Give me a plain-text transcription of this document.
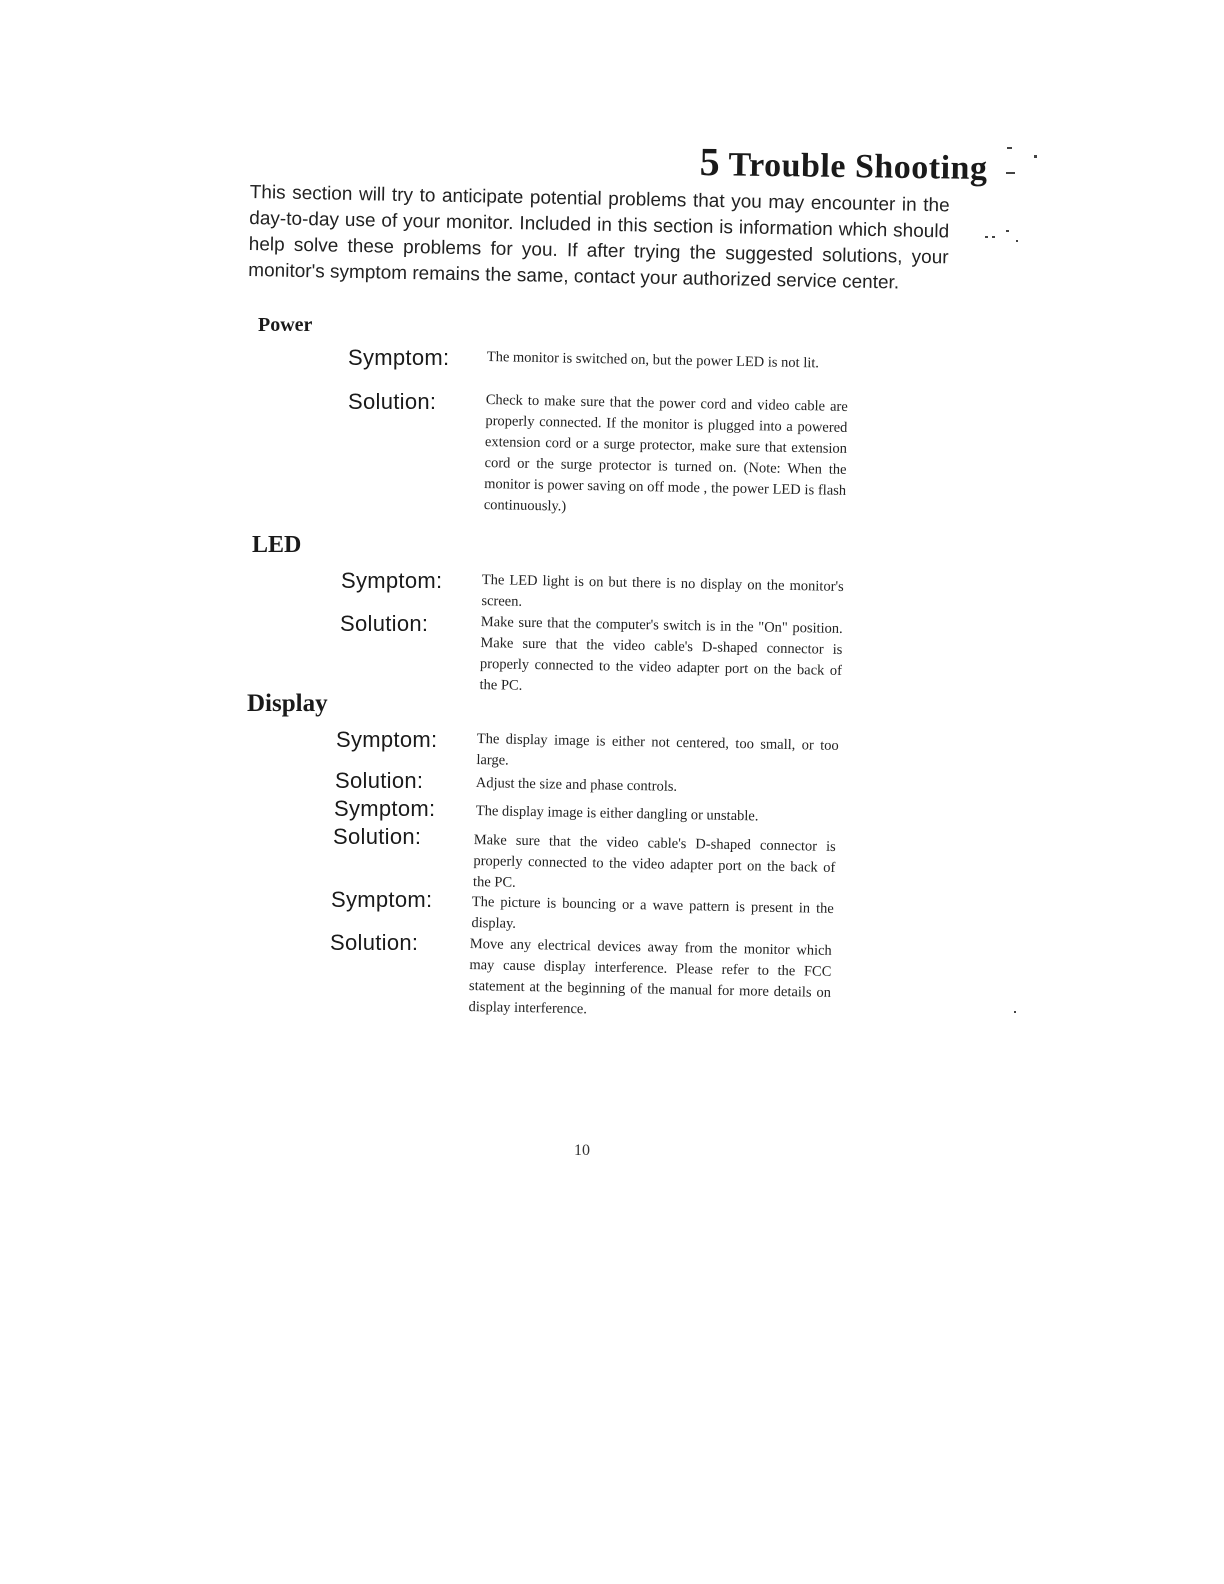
5 Trouble Shooting

This section will try to anticipate potential problems that you may encounter in the day-to-day use of your monitor. Included in this section is information which should help solve these problems for you. If after trying the suggested solutions, your monitor's symptom remains the same, contact your authorized service center.

Power
Symptom:	The monitor is switched on, but the power LED is not lit.
Solution:	Check to make sure that the power cord and video cable are properly connected. If the monitor is plugged into a powered extension cord or a surge protector, make sure that extension cord or the surge protector is turned on. (Note: When the monitor is power saving on off mode , the power LED is flash continuously.)
LED
Symptom:	The LED light is on but there is no display on the monitor's screen.
Solution:	Make sure that the computer's switch is in the "On" position. Make sure that the video cable's D-shaped connector is properly connected to the video adapter port on the back of the PC.
Display
Symptom:	The display image is either not centered, too small, or too large.
Solution:	Adjust the size and phase controls.
Symptom:	The display image is either dangling or unstable.
Solution:	Make sure that the video cable's D-shaped connector is properly connected to the video adapter port on the back of the PC.
Symptom:	The picture is bouncing or a wave pattern is present in the display.
Solution:	Move any electrical devices away from the monitor which may cause display interference. Please refer to the FCC statement at the beginning of the manual for more details on display interference.
10
